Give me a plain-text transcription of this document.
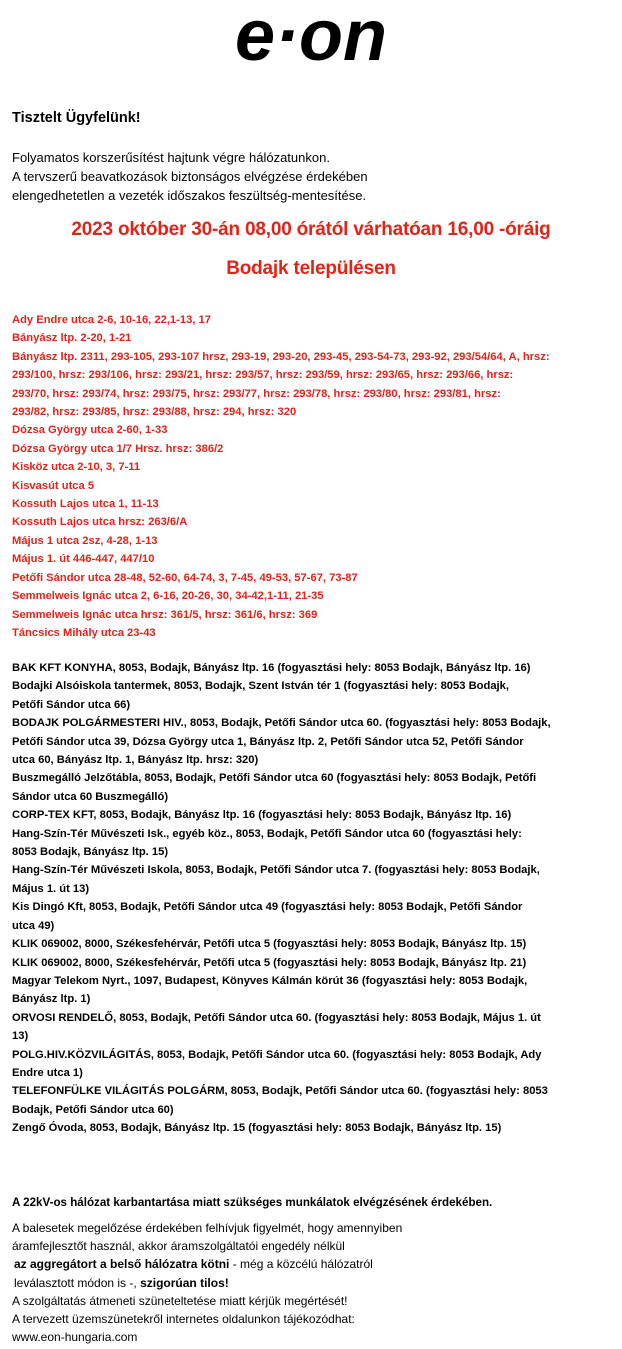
e·on
Tisztelt Ügyfelünk!
Folyamatos korszerűsítést hajtunk végre hálózatunkon.
A tervszerű beavatkozások biztonságos elvégzése érdekében
elengedhetetlen a vezeték időszakos feszültség-mentesítése.
2023 október 30-án 08,00 órától várhatóan 16,00 -óráig
Bodajk településen
Ady Endre utca 2-6, 10-16, 22,1-13, 17
Bányász ltp. 2-20, 1-21
Bányász ltp. 2311, 293-105, 293-107 hrsz, 293-19, 293-20, 293-45, 293-54-73, 293-92, 293/54/64, A, hrsz:
293/100, hrsz: 293/106, hrsz: 293/21, hrsz: 293/57, hrsz: 293/59, hrsz: 293/65, hrsz: 293/66, hrsz:
293/70, hrsz: 293/74, hrsz: 293/75, hrsz: 293/77, hrsz: 293/78, hrsz: 293/80, hrsz: 293/81, hrsz:
293/82, hrsz: 293/85, hrsz: 293/88, hrsz: 294, hrsz: 320
Dózsa György utca 2-60, 1-33
Dózsa György utca 1/7 Hrsz. hrsz: 386/2
Kisköz utca 2-10, 3, 7-11
Kisvasút utca 5
Kossuth Lajos utca 1, 11-13
Kossuth Lajos utca hrsz: 263/6/A
Május 1 utca 2sz, 4-28, 1-13
Május 1. út 446-447, 447/10
Petőfi Sándor utca 28-48, 52-60, 64-74, 3, 7-45, 49-53, 57-67, 73-87
Semmelweis Ignác utca 2, 6-16, 20-26, 30, 34-42,1-11, 21-35
Semmelweis Ignác utca hrsz: 361/5, hrsz: 361/6, hrsz: 369
Táncsics Mihály utca 23-43
BAK KFT KONYHA, 8053, Bodajk, Bányász ltp. 16 (fogyasztási hely: 8053 Bodajk, Bányász ltp. 16)
Bodajki Alsóiskola tantermek, 8053, Bodajk, Szent István tér 1 (fogyasztási hely: 8053 Bodajk,
Petőfi Sándor utca 66)
BODAJK POLGÁRMESTERI HIV., 8053, Bodajk, Petőfi Sándor utca 60. (fogyasztási hely: 8053 Bodajk,
Petőfi Sándor utca 39, Dózsa György utca 1, Bányász ltp. 2, Petőfi Sándor utca 52, Petőfi Sándor
utca 60, Bányász ltp. 1, Bányász ltp. hrsz: 320)
Buszmegálló Jelzőtábla, 8053, Bodajk, Petőfi Sándor utca 60 (fogyasztási hely: 8053 Bodajk, Petőfi
Sándor utca 60 Buszmegálló)
CORP-TEX KFT, 8053, Bodajk, Bányász ltp. 16 (fogyasztási hely: 8053 Bodajk, Bányász ltp. 16)
Hang-Szín-Tér Művészeti Isk., egyéb köz., 8053, Bodajk, Petőfi Sándor utca 60 (fogyasztási hely:
8053 Bodajk, Bányász ltp. 15)
Hang-Szín-Tér Művészeti Iskola, 8053, Bodajk, Petőfi Sándor utca 7. (fogyasztási hely: 8053 Bodajk,
Május 1. út 13)
Kis Dingó Kft, 8053, Bodajk, Petőfi Sándor utca 49 (fogyasztási hely: 8053 Bodajk, Petőfi Sándor
utca 49)
KLIK 069002, 8000, Székesfehérvár, Petőfi utca 5 (fogyasztási hely: 8053 Bodajk, Bányász ltp. 15)
KLIK 069002, 8000, Székesfehérvár, Petőfi utca 5 (fogyasztási hely: 8053 Bodajk, Bányász ltp. 21)
Magyar Telekom Nyrt., 1097, Budapest, Könyves Kálmán körút 36 (fogyasztási hely: 8053 Bodajk,
Bányász ltp. 1)
ORVOSI RENDELŐ, 8053, Bodajk, Petőfi Sándor utca 60. (fogyasztási hely: 8053 Bodajk, Május 1. út
13)
POLG.HIV.KÖZVILÁGITÁS, 8053, Bodajk, Petőfi Sándor utca 60. (fogyasztási hely: 8053 Bodajk, Ady
Endre utca 1)
TELEFONFÜLKE VILÁGITÁS POLGÁRM, 8053, Bodajk, Petőfi Sándor utca 60. (fogyasztási hely: 8053
Bodajk, Petőfi Sándor utca 60)
Zengő Óvoda, 8053, Bodajk, Bányász ltp. 15 (fogyasztási hely: 8053 Bodajk, Bányász ltp. 15)
A 22kV-os hálózat karbantartása miatt szükséges munkálatok elvégzésének érdekében.

A balesetek megelőzése érdekében felhívjuk figyelmét, hogy amennyiben

áramfejlesztőt használ, akkor áramszolgáltatói engedély nélkül

az aggregátort a belső hálózatra kötni - még a közcélú hálózatról

leválasztott módon is -, szigorúan tilos!

A szolgáltatás átmeneti szüneteltetése miatt kérjük megértését!

A tervezett üzemszünetekről internetes oldalunkon tájékozódhat:

www.eon-hungaria.com
